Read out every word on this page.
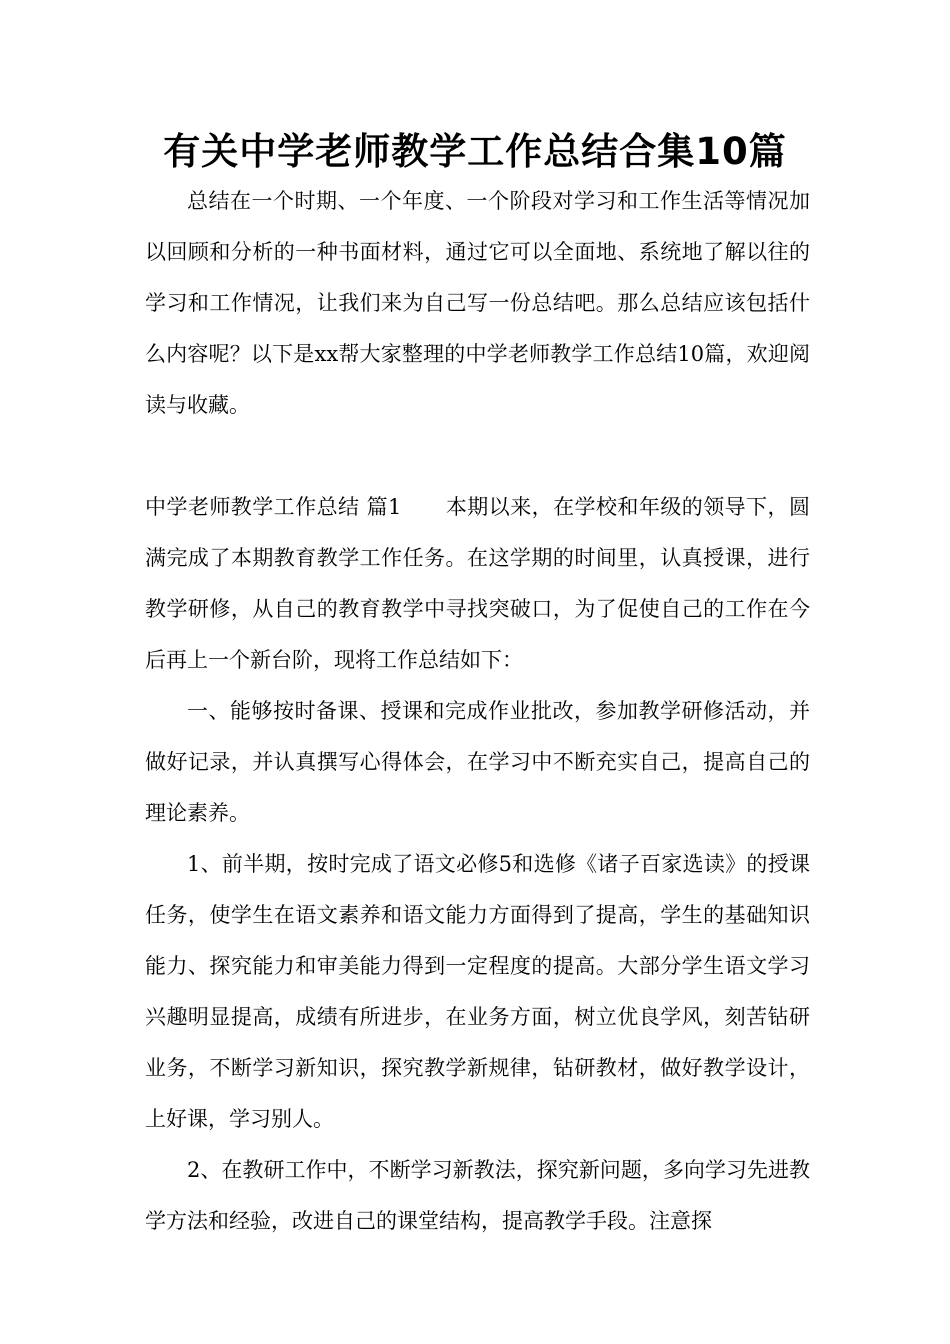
有关中学老师教学工作总结合集10篇

总结在一个时期、一个年度、一个阶段对学习和工作生活等情况加以回顾和分析的一种书面材料，通过它可以全面地、系统地了解以往的学习和工作情况，让我们来为自己写一份总结吧。那么总结应该包括什么内容呢？以下是xx帮大家整理的中学老师教学工作总结10篇，欢迎阅读与收藏。

中学老师教学工作总结 篇1 本期以来，在学校和年级的领导下，圆满完成了本期教育教学工作任务。在这学期的时间里，认真授课，进行教学研修，从自己的教育教学中寻找突破口，为了促使自己的工作在今后再上一个新台阶，现将工作总结如下：

一、能够按时备课、授课和完成作业批改，参加教学研修活动，并做好记录，并认真撰写心得体会，在学习中不断充实自己，提高自己的理论素养。

1、前半期，按时完成了语文必修5和选修《诸子百家选读》的授课任务，使学生在语文素养和语文能力方面得到了提高，学生的基础知识能力、探究能力和审美能力得到一定程度的提高。大部分学生语文学习兴趣明显提高，成绩有所进步，在业务方面，树立优良学风，刻苦钻研业务，不断学习新知识，探究教学新规律，钻研教材，做好教学设计，上好课，学习别人。

2、在教研工作中，不断学习新教法，探究新问题，多向学习先进教学方法和经验，改进自己的课堂结构，提高教学手段。注意探
